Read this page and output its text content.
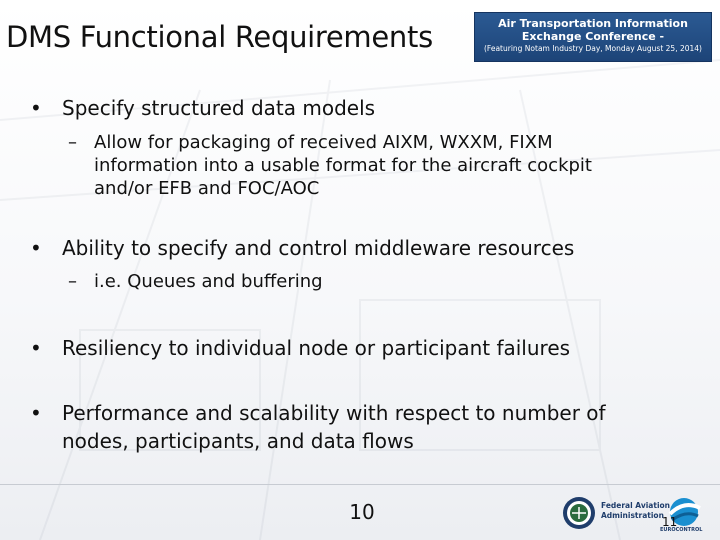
DMS Functional Requirements	Air Transportation Information
Exchange Conference -
(Featuring Notam Industry Day, Monday August 25, 2014)
•	Specify structured data models
– Allow for packaging of received AIXM, WXXM, FIXM information into a usable format for the aircraft cockpit and/or EFB and FOC/AOC
•	Ability to specify and control middleware resources
– i.e. Queues and buffering
•	Resiliency to individual node or participant failures
•	Performance and scalability with respect to number of
nodes, participants, and data flows
10	Federal Aviation
Administration
EUROCONTROL
11
